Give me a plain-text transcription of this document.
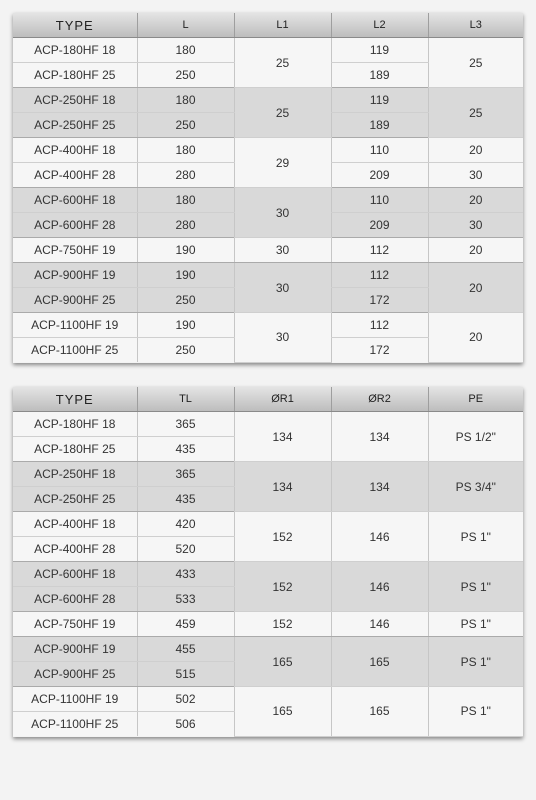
TYPE	L	L1	L2	L3
ACP-180HF 18	180	25	119	25
ACP-180HF 25	250		189	
ACP-250HF 18	180	25	119	25
ACP-250HF 25	250		189	
ACP-400HF 18	180	29	110	20
ACP-400HF 28	280		209	30
ACP-600HF 18	180	30	110	20
ACP-600HF 28	280		209	30
ACP-750HF 19	190	30	112	20
ACP-900HF 19	190	30	112	20
ACP-900HF 25	250		172	
ACP-1100HF 19	190	30	112	20
ACP-1100HF 25	250		172	
TYPE	TL	ØR1	ØR2	PE
ACP-180HF 18	365	134	134	PS 1/2"
ACP-180HF 25	435			
ACP-250HF 18	365	134	134	PS 3/4"
ACP-250HF 25	435			
ACP-400HF 18	420	152	146	PS 1"
ACP-400HF 28	520			
ACP-600HF 18	433	152	146	PS 1"
ACP-600HF 28	533			
ACP-750HF 19	459	152	146	PS 1"
ACP-900HF 19	455	165	165	PS 1"
ACP-900HF 25	515			
ACP-1100HF 19	502	165	165	PS 1"
ACP-1100HF 25	506			
